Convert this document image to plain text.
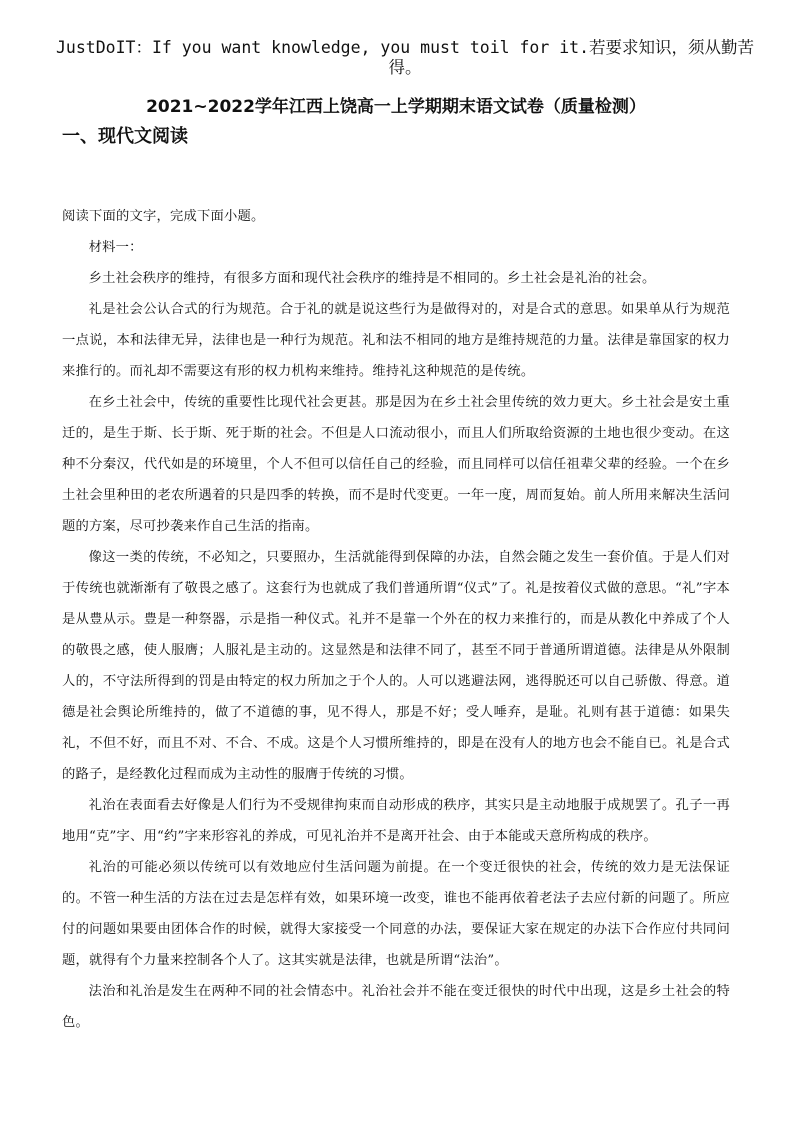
JustDoIT：If you want knowledge, you must toil for it.若要求知识，须从勤苦得。
2021~2022学年江西上饶高一上学期期末语文试卷（质量检测）
一、现代文阅读

阅读下面的文字，完成下面小题。

材料一：

乡土社会秩序的维持，有很多方面和现代社会秩序的维持是不相同的。乡土社会是礼治的社会。

礼是社会公认合式的行为规范。合于礼的就是说这些行为是做得对的，对是合式的意思。如果单从行为规范一点说，本和法律无异，法律也是一种行为规范。礼和法不相同的地方是维持规范的力量。法律是靠国家的权力来推行的。而礼却不需要这有形的权力机构来维持。维持礼这种规范的是传统。

在乡土社会中，传统的重要性比现代社会更甚。那是因为在乡土社会里传统的效力更大。乡土社会是安土重迁的，是生于斯、长于斯、死于斯的社会。不但是人口流动很小，而且人们所取给资源的土地也很少变动。在这种不分秦汉，代代如是的环境里，个人不但可以信任自己的经验，而且同样可以信任祖辈父辈的经验。一个在乡土社会里种田的老农所遇着的只是四季的转换，而不是时代变更。一年一度，周而复始。前人所用来解决生活问题的方案，尽可抄袭来作自己生活的指南。

像这一类的传统，不必知之，只要照办，生活就能得到保障的办法，自然会随之发生一套价值。于是人们对于传统也就渐渐有了敬畏之感了。这套行为也就成了我们普通所谓“仪式”了。礼是按着仪式做的意思。“礼”字本是从豊从示。豊是一种祭器，示是指一种仪式。礼并不是靠一个外在的权力来推行的，而是从教化中养成了个人的敬畏之感，使人服膺；人服礼是主动的。这显然是和法律不同了，甚至不同于普通所谓道德。法律是从外限制人的，不守法所得到的罚是由特定的权力所加之于个人的。人可以逃避法网，逃得脱还可以自己骄傲、得意。道德是社会舆论所维持的，做了不道德的事，见不得人，那是不好；受人唾弃，是耻。礼则有甚于道德：如果失礼，不但不好，而且不对、不合、不成。这是个人习惯所维持的，即是在没有人的地方也会不能自已。礼是合式的路子，是经教化过程而成为主动性的服膺于传统的习惯。

礼治在表面看去好像是人们行为不受规律拘束而自动形成的秩序，其实只是主动地服于成规罢了。孔子一再地用“克”字、用“约”字来形容礼的养成，可见礼治并不是离开社会、由于本能或天意所构成的秩序。

礼治的可能必须以传统可以有效地应付生活问题为前提。在一个变迁很快的社会，传统的效力是无法保证的。不管一种生活的方法在过去是怎样有效，如果环境一改变，谁也不能再依着老法子去应付新的问题了。所应付的问题如果要由团体合作的时候，就得大家接受一个同意的办法，要保证大家在规定的办法下合作应付共同问题，就得有个力量来控制各个人了。这其实就是法律，也就是所谓“法治”。

法治和礼治是发生在两种不同的社会情态中。礼治社会并不能在变迁很快的时代中出现，这是乡土社会的特色。
